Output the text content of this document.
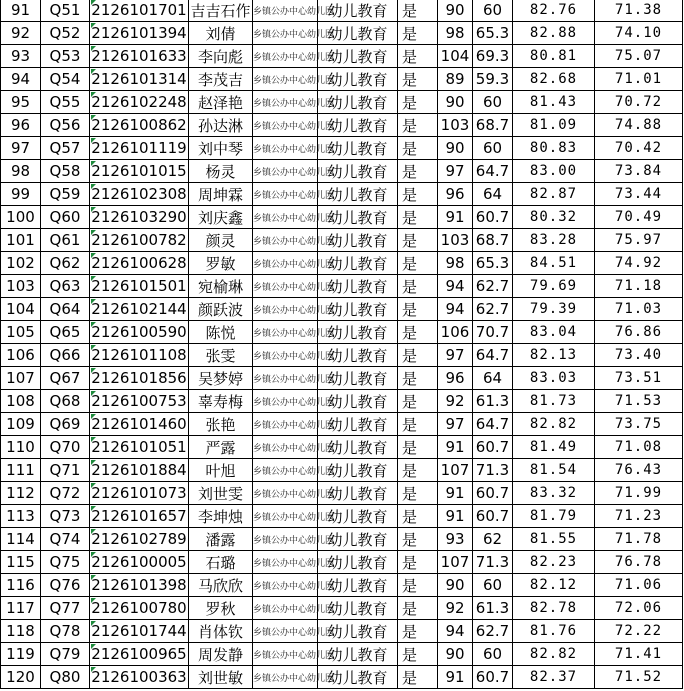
91	Q51	2126101701	吉吉石作	乡镇公办中心幼儿园	幼儿教育	是	90	60	82.76	71.38
92	Q52	2126101394	刘倩	乡镇公办中心幼儿园	幼儿教育	是	98	65.3	82.88	74.10
93	Q53	2126101633	李向彪	乡镇公办中心幼儿园	幼儿教育	是	104	69.3	80.81	75.07
94	Q54	2126101314	李茂吉	乡镇公办中心幼儿园	幼儿教育	是	89	59.3	82.68	71.01
95	Q55	2126102248	赵泽艳	乡镇公办中心幼儿园	幼儿教育	是	90	60	81.43	70.72
96	Q56	2126100862	孙达淋	乡镇公办中心幼儿园	幼儿教育	是	103	68.7	81.09	74.88
97	Q57	2126101119	刘中琴	乡镇公办中心幼儿园	幼儿教育	是	90	60	80.83	70.42
98	Q58	2126101015	杨灵	乡镇公办中心幼儿园	幼儿教育	是	97	64.7	83.00	73.84
99	Q59	2126102308	周坤霖	乡镇公办中心幼儿园	幼儿教育	是	96	64	82.87	73.44
100	Q60	2126103290	刘庆鑫	乡镇公办中心幼儿园	幼儿教育	是	91	60.7	80.32	70.49
101	Q61	2126100782	颜灵	乡镇公办中心幼儿园	幼儿教育	是	103	68.7	83.28	75.97
102	Q62	2126100628	罗敏	乡镇公办中心幼儿园	幼儿教育	是	98	65.3	84.51	74.92
103	Q63	2126101501	宛榆琳	乡镇公办中心幼儿园	幼儿教育	是	94	62.7	79.69	71.18
104	Q64	2126102144	颜跃波	乡镇公办中心幼儿园	幼儿教育	是	94	62.7	79.39	71.03
105	Q65	2126100590	陈悦	乡镇公办中心幼儿园	幼儿教育	是	106	70.7	83.04	76.86
106	Q66	2126101108	张雯	乡镇公办中心幼儿园	幼儿教育	是	97	64.7	82.13	73.40
107	Q67	2126101856	吴梦婷	乡镇公办中心幼儿园	幼儿教育	是	96	64	83.03	73.51
108	Q68	2126100753	辜寿梅	乡镇公办中心幼儿园	幼儿教育	是	92	61.3	81.73	71.53
109	Q69	2126101460	张艳	乡镇公办中心幼儿园	幼儿教育	是	97	64.7	82.82	73.75
110	Q70	2126101051	严露	乡镇公办中心幼儿园	幼儿教育	是	91	60.7	81.49	71.08
111	Q71	2126101884	叶旭	乡镇公办中心幼儿园	幼儿教育	是	107	71.3	81.54	76.43
112	Q72	2126101073	刘世雯	乡镇公办中心幼儿园	幼儿教育	是	91	60.7	83.32	71.99
113	Q73	2126101657	李坤烛	乡镇公办中心幼儿园	幼儿教育	是	91	60.7	81.79	71.23
114	Q74	2126102789	潘露	乡镇公办中心幼儿园	幼儿教育	是	93	62	81.55	71.78
115	Q75	2126100005	石璐	乡镇公办中心幼儿园	幼儿教育	是	107	71.3	82.23	76.78
116	Q76	2126101398	马欣欣	乡镇公办中心幼儿园	幼儿教育	是	90	60	82.12	71.06
117	Q77	2126100780	罗秋	乡镇公办中心幼儿园	幼儿教育	是	92	61.3	82.78	72.06
118	Q78	2126101744	肖体钦	乡镇公办中心幼儿园	幼儿教育	是	94	62.7	81.76	72.22
119	Q79	2126100965	周发静	乡镇公办中心幼儿园	幼儿教育	是	90	60	82.82	71.41
120	Q80	2126100363	刘世敏	乡镇公办中心幼儿园	幼儿教育	是	91	60.7	82.37	71.52
